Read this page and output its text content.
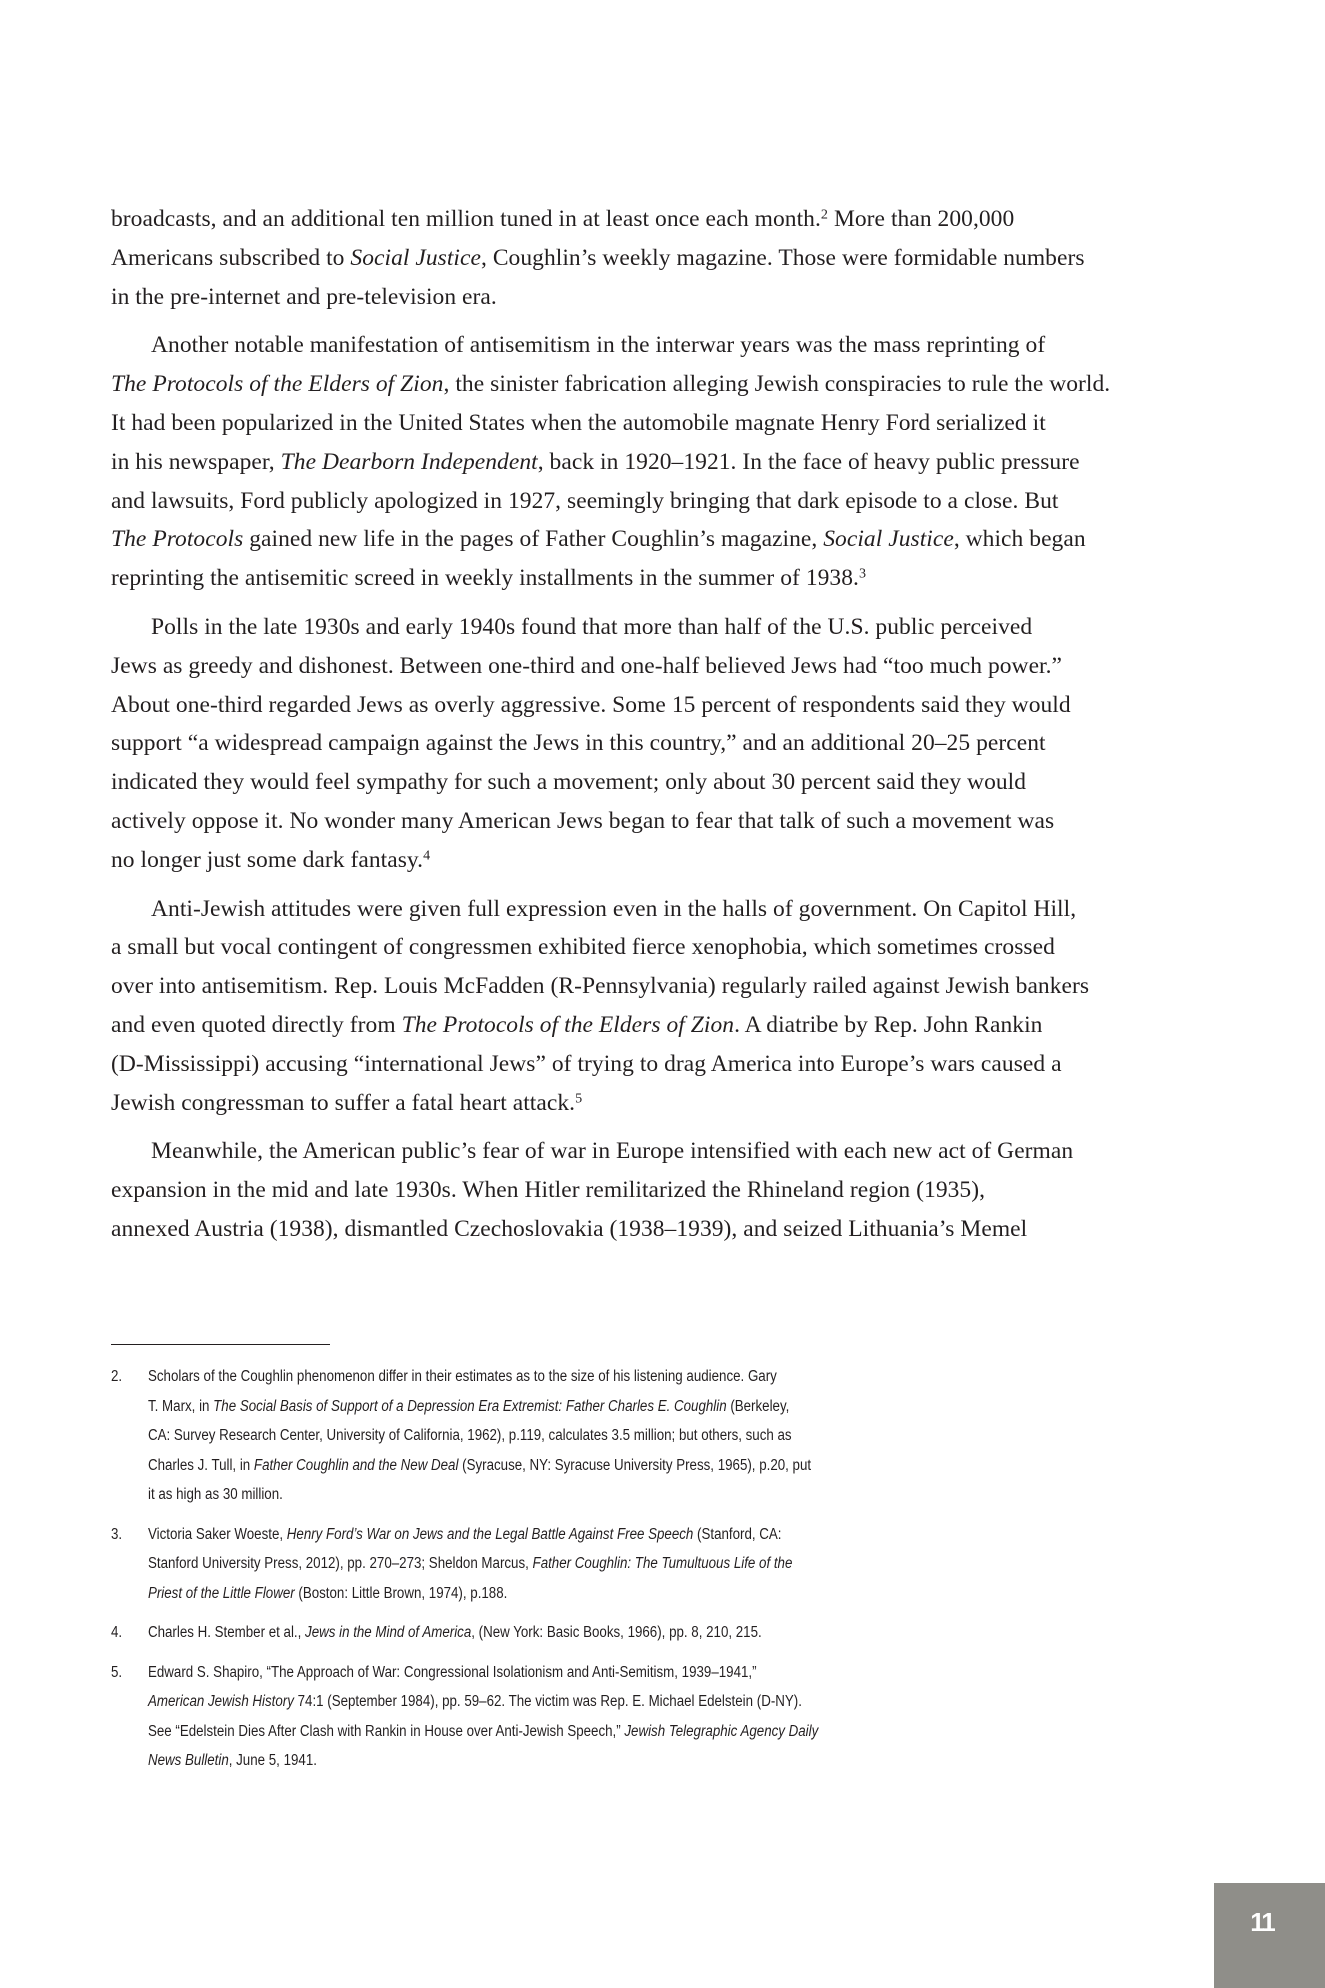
broadcasts, and an additional ten million tuned in at least once each month.$^2$ More than 200,000
Americans subscribed to Social Justice, Coughlin’s weekly magazine. Those were formidable numbers
in the pre-internet and pre-television era.

Another notable manifestation of antisemitism in the interwar years was the mass reprinting of
The Protocols of the Elders of Zion, the sinister fabrication alleging Jewish conspiracies to rule the world.
It had been popularized in the United States when the automobile magnate Henry Ford serialized it
in his newspaper, The Dearborn Independent, back in 1920–1921. In the face of heavy public pressure
and lawsuits, Ford publicly apologized in 1927, seemingly bringing that dark episode to a close. But
The Protocols gained new life in the pages of Father Coughlin’s magazine, Social Justice, which began
reprinting the antisemitic screed in weekly installments in the summer of 1938.$^3$

Polls in the late 1930s and early 1940s found that more than half of the U.S. public perceived
Jews as greedy and dishonest. Between one-third and one-half believed Jews had “too much power.”
About one-third regarded Jews as overly aggressive. Some 15 percent of respondents said they would
support “a widespread campaign against the Jews in this country,” and an additional 20–25 percent
indicated they would feel sympathy for such a movement; only about 30 percent said they would
actively oppose it. No wonder many American Jews began to fear that talk of such a movement was
no longer just some dark fantasy.$^4$

Anti-Jewish attitudes were given full expression even in the halls of government. On Capitol Hill,
a small but vocal contingent of congressmen exhibited fierce xenophobia, which sometimes crossed
over into antisemitism. Rep. Louis McFadden (R-Pennsylvania) regularly railed against Jewish bankers
and even quoted directly from The Protocols of the Elders of Zion. A diatribe by Rep. John Rankin
(D-Mississippi) accusing “international Jews” of trying to drag America into Europe’s wars caused a
Jewish congressman to suffer a fatal heart attack.$^5$

Meanwhile, the American public’s fear of war in Europe intensified with each new act of German
expansion in the mid and late 1930s. When Hitler remilitarized the Rhineland region (1935),
annexed Austria (1938), dismantled Czechoslovakia (1938–1939), and seized Lithuania’s Memel

2. Scholars of the Coughlin phenomenon differ in their estimates as to the size of his listening audience. Gary
T. Marx, in The Social Basis of Support of a Depression Era Extremist: Father Charles E. Coughlin (Berkeley,
CA: Survey Research Center, University of California, 1962), p.119, calculates 3.5 million; but others, such as
Charles J. Tull, in Father Coughlin and the New Deal (Syracuse, NY: Syracuse University Press, 1965), p.20, put
it as high as 30 million.
3. Victoria Saker Woeste, Henry Ford’s War on Jews and the Legal Battle Against Free Speech (Stanford, CA:
Stanford University Press, 2012), pp. 270–273; Sheldon Marcus, Father Coughlin: The Tumultuous Life of the
Priest of the Little Flower (Boston: Little Brown, 1974), p.188.
4. Charles H. Stember et al., Jews in the Mind of America, (New York: Basic Books, 1966), pp. 8, 210, 215.
5. Edward S. Shapiro, “The Approach of War: Congressional Isolationism and Anti-Semitism, 1939–1941,”
American Jewish History 74:1 (September 1984), pp. 59–62. The victim was Rep. E. Michael Edelstein (D-NY).
See “Edelstein Dies After Clash with Rankin in House over Anti-Jewish Speech,” Jewish Telegraphic Agency Daily
News Bulletin, June 5, 1941.
11
